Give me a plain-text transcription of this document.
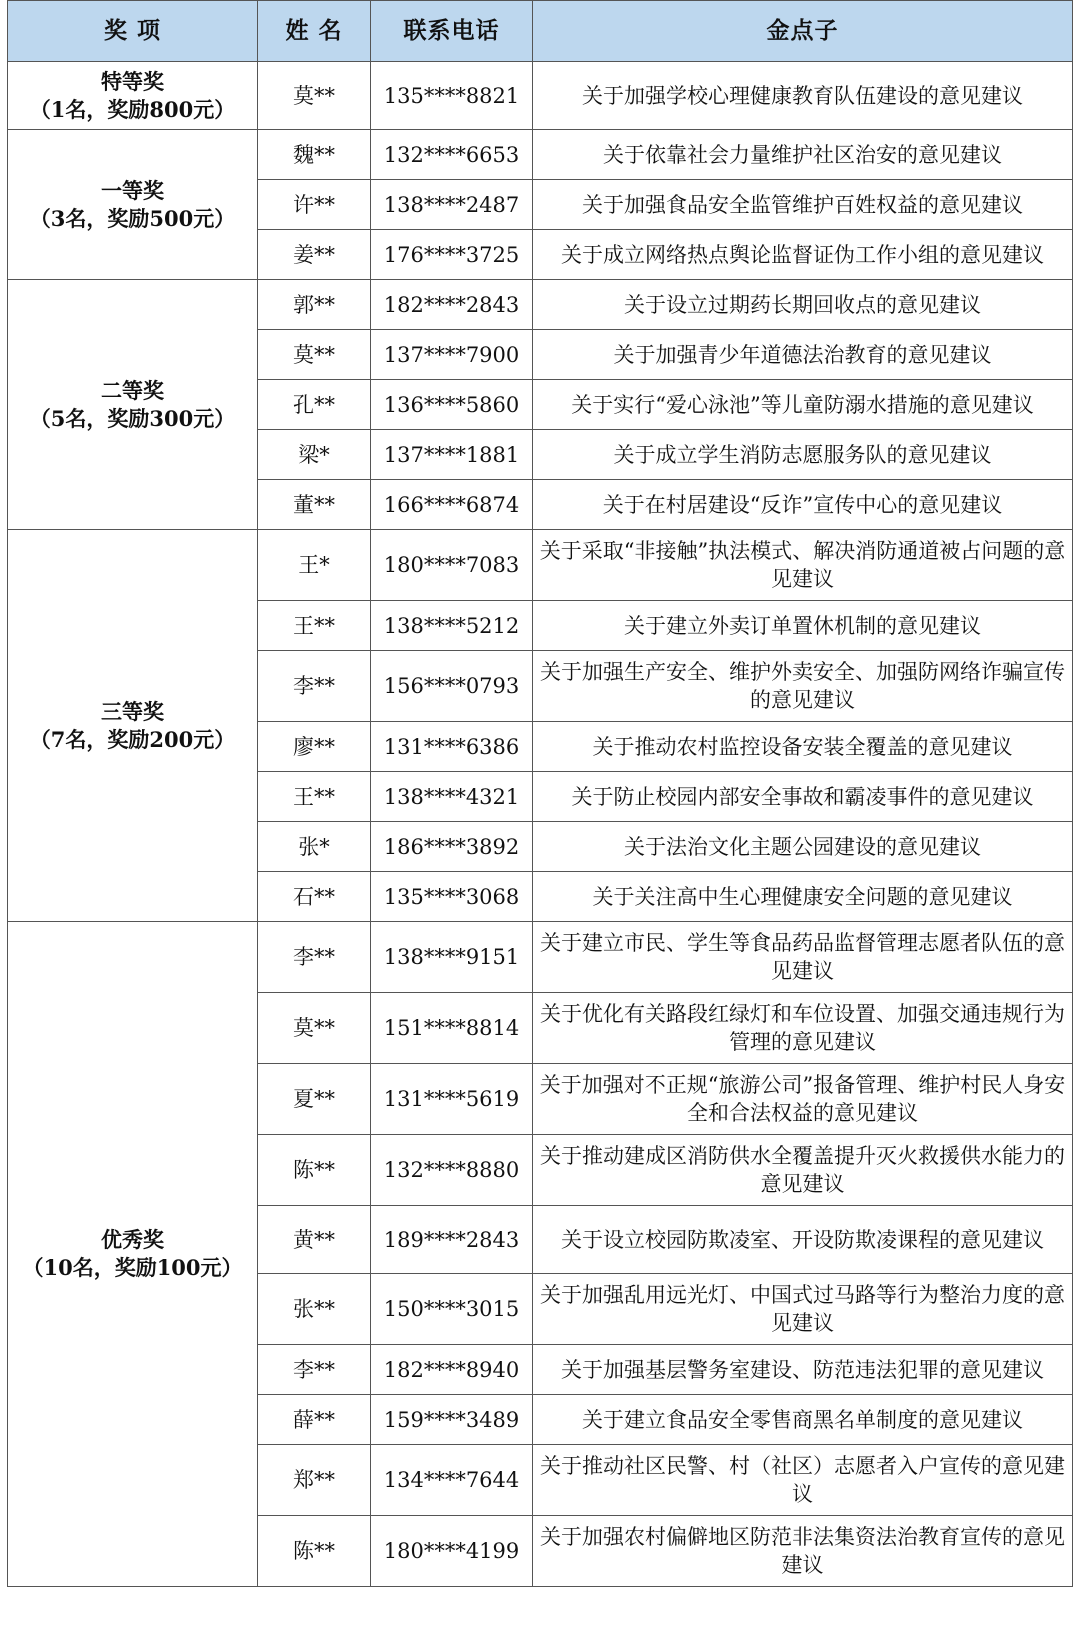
奖 项	姓 名	联系电话	金点子

特等奖
（1名，奖励800元）	莫**	135****8821	关于加强学校心理健康教育队伍建设的意见建议

一等奖
（3名，奖励500元）	魏**	132****6653	关于依靠社会力量维护社区治安的意见建议
	许**	138****2487	关于加强食品安全监管维护百姓权益的意见建议
	姜**	176****3725	关于成立网络热点舆论监督证伪工作小组的意见建议

二等奖
（5名，奖励300元）	郭**	182****2843	关于设立过期药长期回收点的意见建议
	莫**	137****7900	关于加强青少年道德法治教育的意见建议
	孔**	136****5860	关于实行“爱心泳池”等儿童防溺水措施的意见建议
	梁*	137****1881	关于成立学生消防志愿服务队的意见建议
	董**	166****6874	关于在村居建设“反诈”宣传中心的意见建议

三等奖
（7名，奖励200元）	王*	180****7083	关于采取“非接触”执法模式、解决消防通道被占问题的意见建议
	王**	138****5212	关于建立外卖订单置休机制的意见建议
	李**	156****0793	关于加强生产安全、维护外卖安全、加强防网络诈骗宣传的意见建议
	廖**	131****6386	关于推动农村监控设备安装全覆盖的意见建议
	王**	138****4321	关于防止校园内部安全事故和霸凌事件的意见建议
	张*	186****3892	关于法治文化主题公园建设的意见建议
	石**	135****3068	关于关注高中生心理健康安全问题的意见建议

优秀奖
（10名，奖励100元）	李**	138****9151	关于建立市民、学生等食品药品监督管理志愿者队伍的意见建议
	莫**	151****8814	关于优化有关路段红绿灯和车位设置、加强交通违规行为管理的意见建议
	夏**	131****5619	关于加强对不正规“旅游公司”报备管理、维护村民人身安全和合法权益的意见建议
	陈**	132****8880	关于推动建成区消防供水全覆盖提升灭火救援供水能力的意见建议
	黄**	189****2843	关于设立校园防欺凌室、开设防欺凌课程的意见建议
	张**	150****3015	关于加强乱用远光灯、中国式过马路等行为整治力度的意见建议
	李**	182****8940	关于加强基层警务室建设、防范违法犯罪的意见建议
	薛**	159****3489	关于建立食品安全零售商黑名单制度的意见建议
	郑**	134****7644	关于推动社区民警、村（社区）志愿者入户宣传的意见建议
	陈**	180****4199	关于加强农村偏僻地区防范非法集资法治教育宣传的意见建议
